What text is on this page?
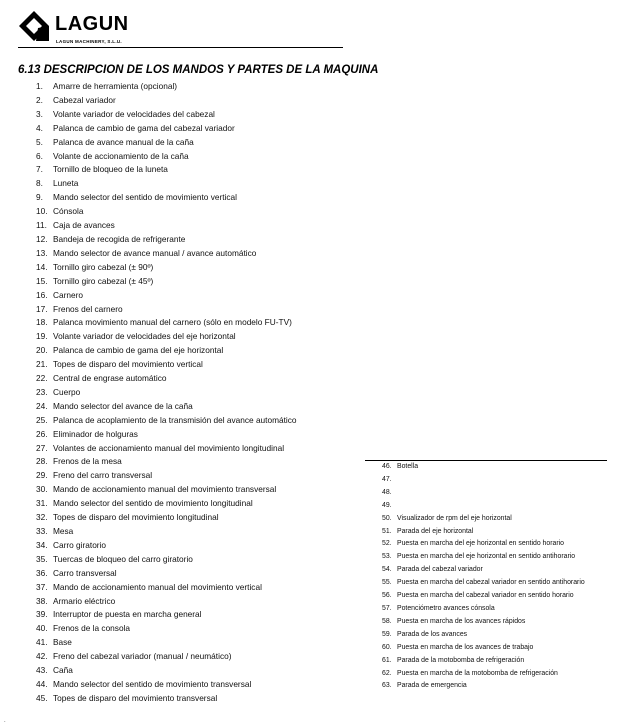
LAGUN
LAGUN MACHINERY, S.L.U.
6.13 DESCRIPCION DE LOS MANDOS Y PARTES DE LA MAQUINA
1.	Amarre de herramienta (opcional)
2.	Cabezal variador
3.	Volante variador de velocidades del cabezal
4.	Palanca de cambio de gama del cabezal variador
5.	Palanca de avance manual de la caña
6.	Volante de accionamiento de la caña
7.	Tornillo de bloqueo de la luneta
8.	Luneta
9.	Mando selector del sentido de movimiento vertical
10. Cónsola
11. Caja de avances
12. Bandeja de recogida de refrigerante
13. Mando selector de avance manual / avance automático
14. Tornillo giro cabezal (± 90º)
15. Tornillo giro cabezal (± 45º)
16. Carnero
17. Frenos del carnero
18. Palanca movimiento manual del carnero (sólo en modelo FU-TV)
19. Volante variador de velocidades del eje horizontal
20. Palanca de cambio de gama del eje horizontal
21. Topes de disparo del movimiento vertical
22. Central de engrase automático
23. Cuerpo
24. Mando selector del avance de la caña
25. Palanca de acoplamiento de la transmisión del avance automático
26. Eliminador de holguras
27. Volantes de accionamiento manual del movimiento longitudinal
28. Frenos de la mesa
29. Freno del carro transversal
30. Mando de accionamiento manual del movimiento transversal
31. Mando selector del sentido de movimiento longitudinal
32. Topes de disparo del movimiento longitudinal
33. Mesa
34. Carro giratorio
35. Tuercas de bloqueo del carro giratorio
36. Carro transversal
37. Mando de accionamiento manual del movimiento vertical
38. Armario eléctrico
39. Interruptor de puesta en marcha general
40. Frenos de la consola
41. Base
42. Freno del cabezal variador (manual / neumático)
43. Caña
44. Mando selector del sentido de movimiento transversal
45. Topes de disparo del movimiento transversal
46. Botella
47.
48.
49.
50. Visualizador de rpm del eje horizontal
51. Parada del eje horizontal
52. Puesta en marcha del eje horizontal en sentido horario
53. Puesta en marcha del eje horizontal en sentido antihorario
54. Parada del cabezal variador
55. Puesta en marcha del cabezal variador en sentido antihorario
56. Puesta en marcha del cabezal variador en sentido horario
57. Potenciómetro avances cónsola
58. Puesta en marcha de los avances rápidos
59. Parada de los avances
60. Puesta en marcha de los avances de trabajo
61. Parada de la motobomba de refrigeración
62. Puesta en marcha de la motobomba de refrigeración
63. Parada de emergencia
.
